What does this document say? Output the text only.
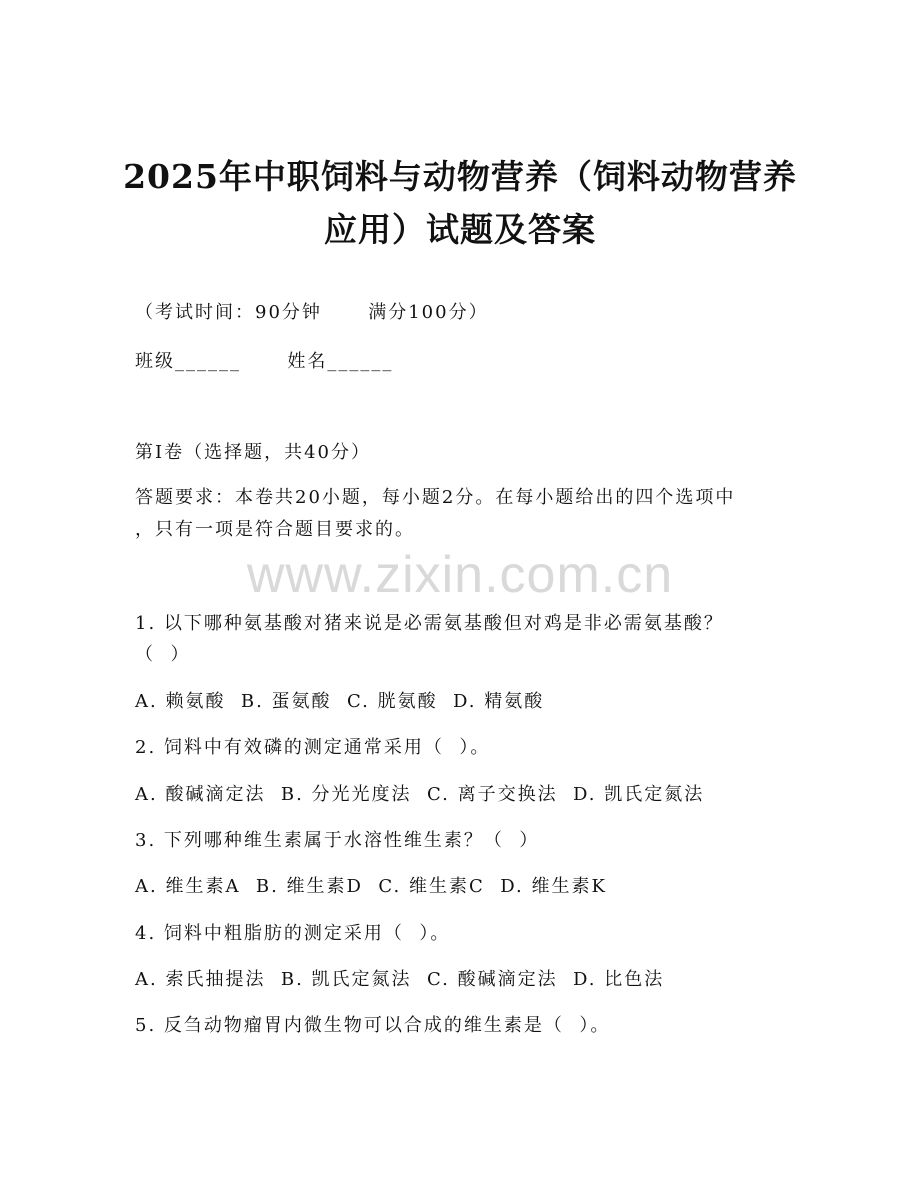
2025年中职饲料与动物营养（饲料动物营养
应用）试题及答案
（考试时间：90分钟      满分100分）
班级______      姓名______
第I卷（选择题，共40分）
答题要求：本卷共20小题，每小题2分。在每小题给出的四个选项中
，只有一项是符合题目要求的。
www.zixin.com.cn
1. 以下哪种氨基酸对猪来说是必需氨基酸但对鸡是非必需氨基酸？
（  ）
A. 赖氨酸  B. 蛋氨酸  C. 胱氨酸  D. 精氨酸
2. 饲料中有效磷的测定通常采用（  ）。
A. 酸碱滴定法  B. 分光光度法  C. 离子交换法  D. 凯氏定氮法
3. 下列哪种维生素属于水溶性维生素？（  ）
A. 维生素A  B. 维生素D  C. 维生素C  D. 维生素K
4. 饲料中粗脂肪的测定采用（  ）。
A. 索氏抽提法  B. 凯氏定氮法  C. 酸碱滴定法  D. 比色法
5. 反刍动物瘤胃内微生物可以合成的维生素是（  ）。
